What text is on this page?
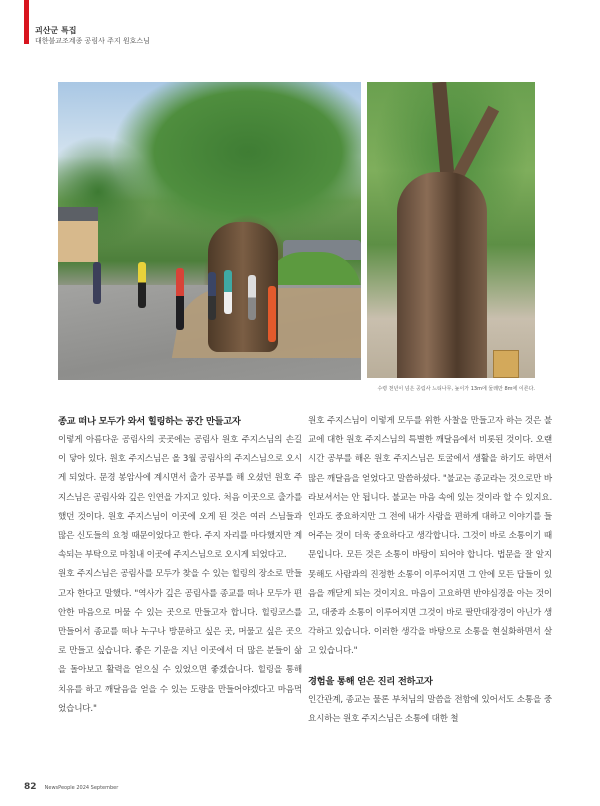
괴산군 특집
대한불교조계종 공림사 주지 원호스님
수령 천년이 넘은 공림사 느티나무, 높이가 13m에 둘레만 8m에 이른다.
종교 떠나 모두가 와서 힐링하는 공간 만들고자

이렇게 아름다운 공림사의 곳곳에는 공림사 원호 주지스님의 손길이 닿아 있다. 원호 주지스님은 올 3월 공림사의 주지스님으로 오시게 되었다. 문경 봉암사에 계시면서 출가 공부를 해 오셨던 원호 주지스님은 공림사와 깊은 인연을 가지고 있다. 처음 이곳으로 출가를 했던 것이다. 원호 주지스님이 이곳에 오게 된 것은 여러 스님들과 많은 신도들의 요청 때문이었다고 한다. 주지 자리를 마다했지만 계속되는 부탁으로 마침내 이곳에 주지스님으로 오시게 되었다고.

원호 주지스님은 공림사를 모두가 찾을 수 있는 힐링의 장소로 만들고자 한다고 말했다. "역사가 깊은 공림사를 종교를 떠나 모두가 편안한 마음으로 머물 수 있는 곳으로 만들고자 합니다. 힐링코스를 만들어서 종교를 떠나 누구나 방문하고 싶은 곳, 머물고 싶은 곳으로 만들고 싶습니다. 좋은 기운을 지닌 이곳에서 더 많은 분들이 삶을 돌아보고 활력을 얻으실 수 있었으면 좋겠습니다. 힐링을 통해 치유를 하고 깨달음을 얻을 수 있는 도량을 만들어야겠다고 마음먹었습니다."

원호 주지스님이 이렇게 모두를 위한 사찰을 만들고자 하는 것은 불교에 대한 원호 주지스님의 특별한 깨달음에서 비롯된 것이다. 오랜 시간 공부를 해온 원호 주지스님은 토굴에서 생활을 하기도 하면서 많은 깨달음을 얻었다고 말씀하셨다. "불교는 종교라는 것으로만 바라보셔서는 안 됩니다. 불교는 마음 속에 있는 것이라 할 수 있지요. 인과도 중요하지만 그 전에 내가 사람을 편하게 대하고 이야기를 들어주는 것이 더욱 중요하다고 생각합니다. 그것이 바로 소통이기 때문입니다. 모든 것은 소통이 바탕이 되어야 합니다. 법문을 잘 알지 못해도 사람과의 진정한 소통이 이루어지면 그 안에 모든 답들이 있음을 깨닫게 되는 것이지요. 마음이 고요하면 반야심경을 아는 것이고, 대중과 소통이 이루어지면 그것이 바로 팔만대장경이 아닌가 생각하고 있습니다. 이러한 생각을 바탕으로 소통을 현실화하면서 살고 있습니다."

경험을 통해 얻은 진리 전하고자

인간관계, 종교는 물론 부처님의 말씀을 전함에 있어서도 소통을 중요시하는 원호 주지스님은 소통에 대한 철

82 NewsPeople 2024 September
